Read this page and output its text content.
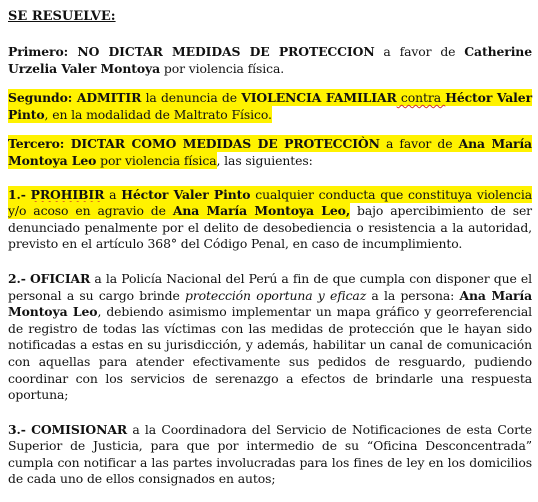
SE RESUELVE:

Primero: NO DICTAR MEDIDAS DE PROTECCION a favor de Catherine Urzelia Valer Montoya por violencia física.

Segundo: ADMITIR la denuncia de VIOLENCIA FAMILIAR contra Héctor Valer Pinto, en la modalidad de Maltrato Físico.

Tercero: DICTAR COMO MEDIDAS DE PROTECCIÒN a favor de Ana María Montoya Leo por violencia física, las siguientes:

1.- PROHIBIR a Héctor Valer Pinto cualquier conducta que constituya violencia y/o acoso en agravio de Ana María Montoya Leo, bajo apercibimiento de ser denunciado penalmente por el delito de desobediencia o resistencia a la autoridad, previsto en el artículo 368° del Código Penal, en caso de incumplimiento.

2.- OFICIAR a la Policía Nacional del Perú a fin de que cumpla con disponer que el personal a su cargo brinde protección oportuna y eficaz a la persona: Ana María Montoya Leo, debiendo asimismo implementar un mapa gráfico y georreferencial de registro de todas las víctimas con las medidas de protección que le hayan sido notificadas a estas en su jurisdicción, y además, habilitar un canal de comunicación con aquellas para atender efectivamente sus pedidos de resguardo, pudiendo coordinar con los servicios de serenazgo a efectos de brindarle una respuesta oportuna;

3.- COMISIONAR a la Coordinadora del Servicio de Notificaciones de esta Corte Superior de Justicia, para que por intermedio de su “Oficina Desconcentrada” cumpla con notificar a las partes involucradas para los fines de ley en los domicilios de cada uno de ellos consignados en autos;
